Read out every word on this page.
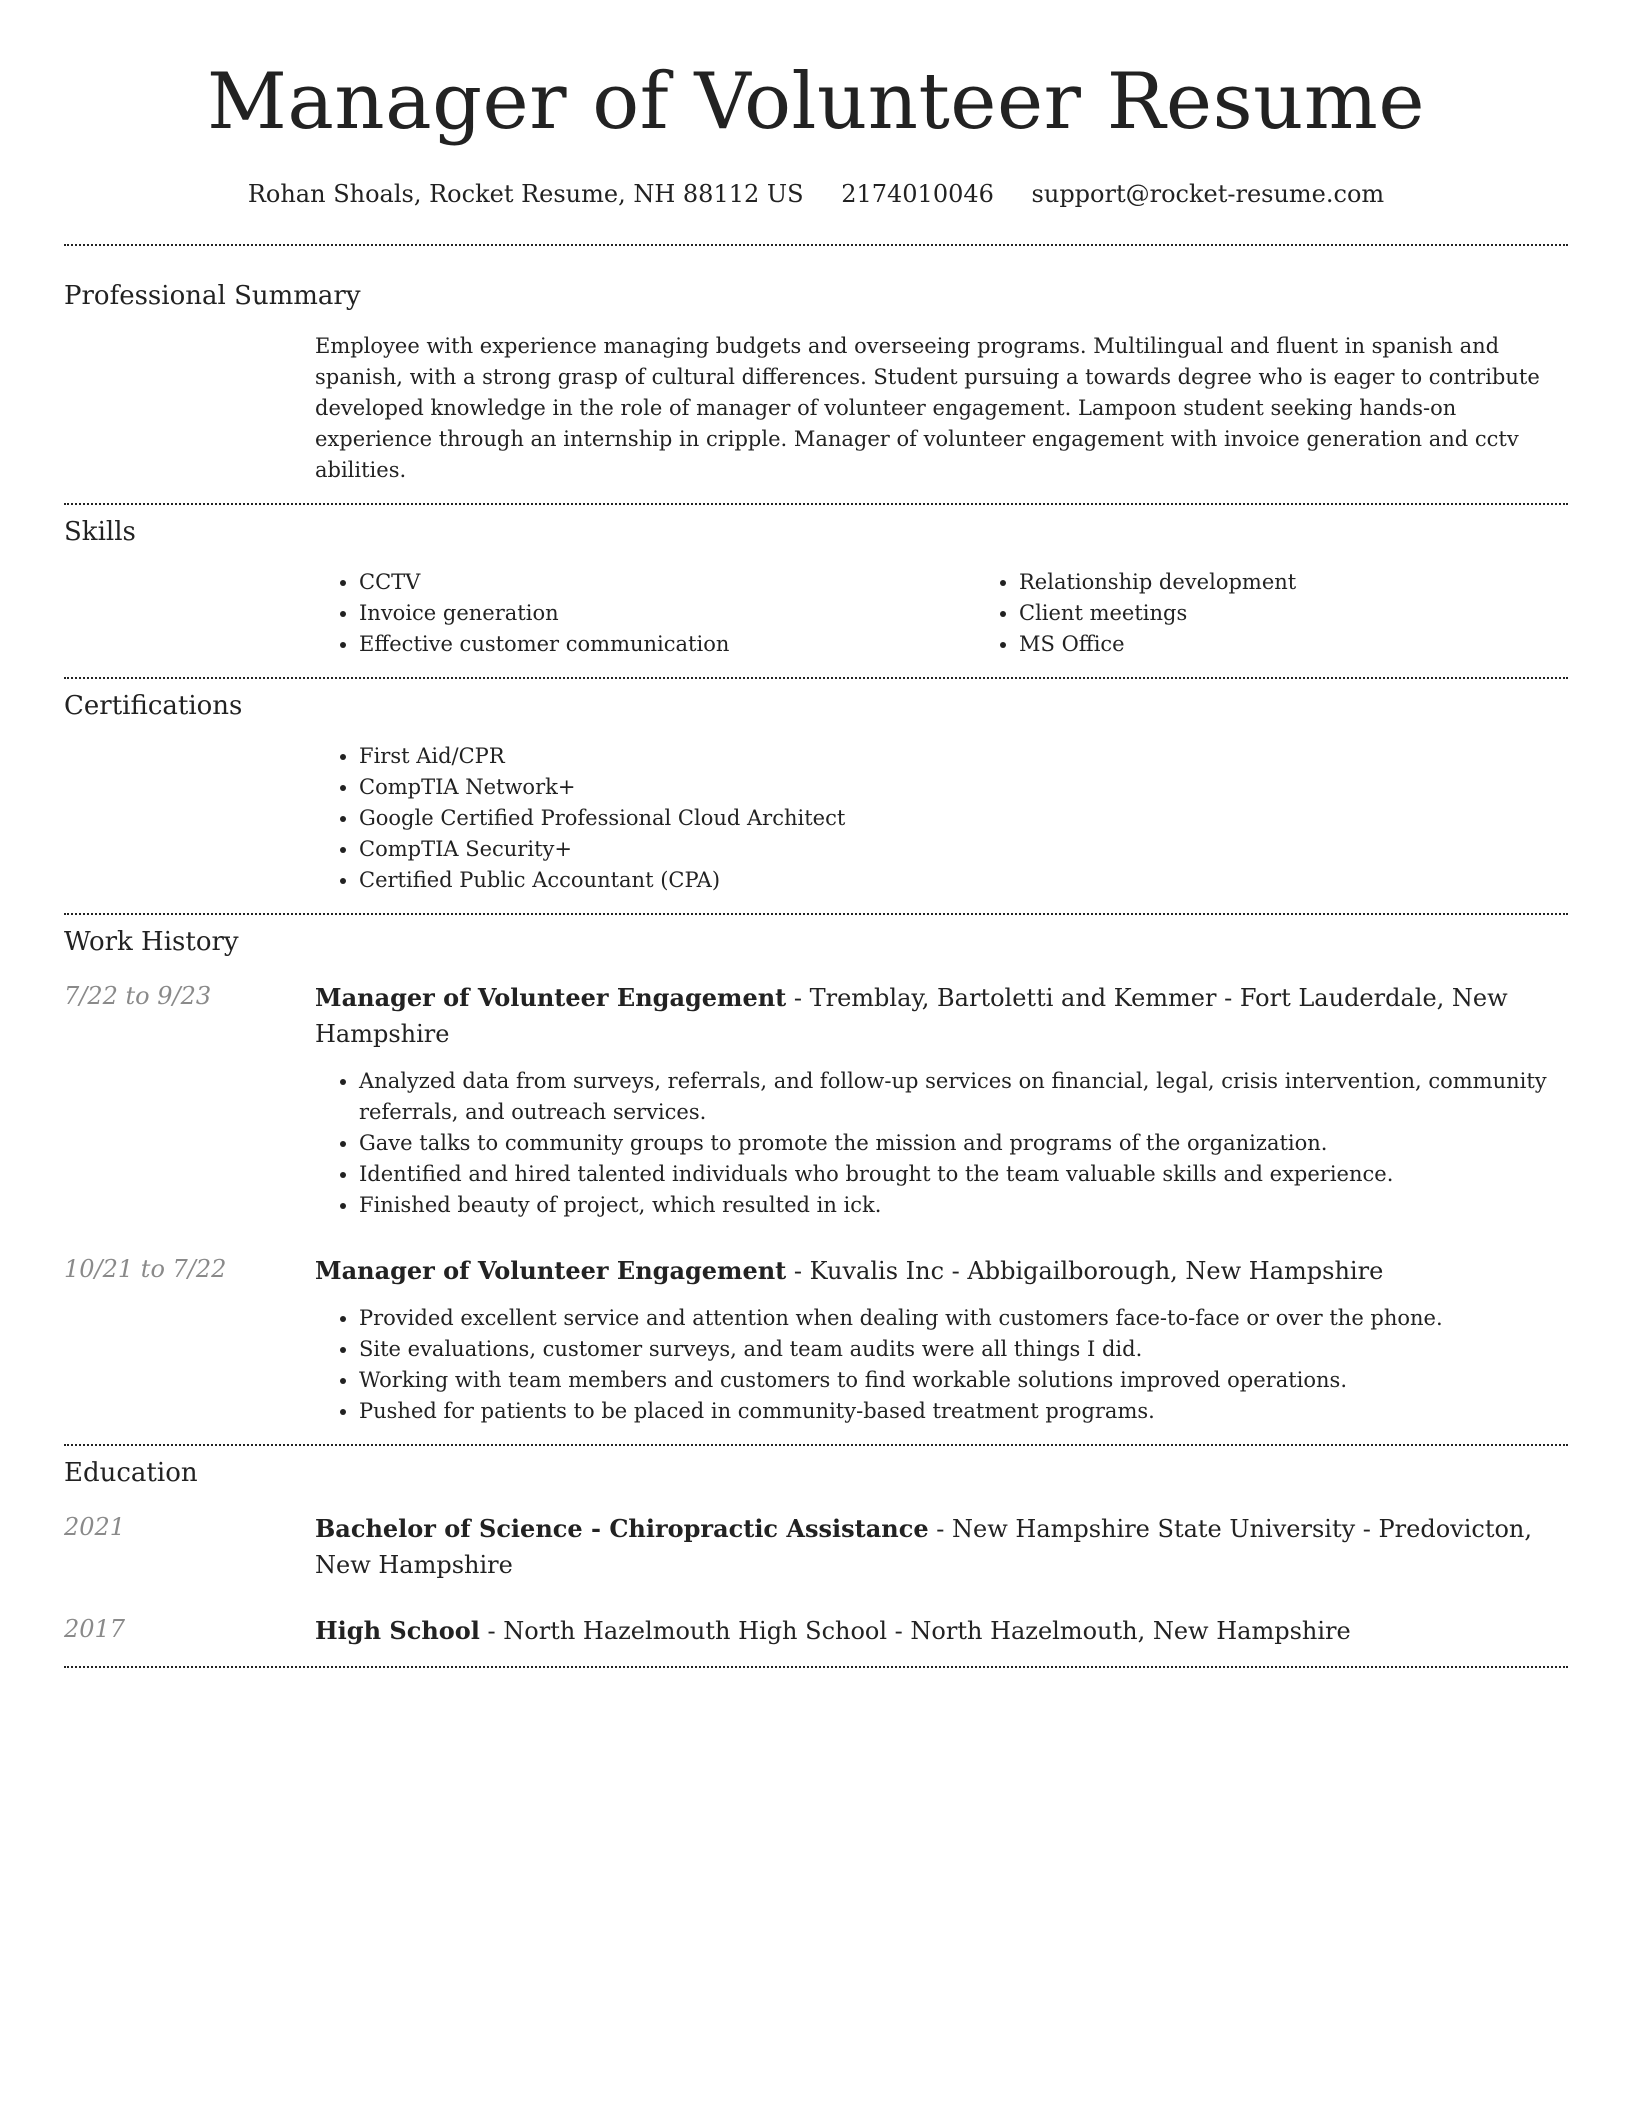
Manager of Volunteer Resume
Rohan Shoals, Rocket Resume, NH 88112 US 2174010046 support@rocket-resume.com
Professional Summary

Employee with experience managing budgets and overseeing programs. Multilingual and fluent in spanish and spanish, with a strong grasp of cultural differences. Student pursuing a towards degree who is eager to contribute developed knowledge in the role of manager of volunteer engagement. Lampoon student seeking hands-on experience through an internship in cripple. Manager of volunteer engagement with invoice generation and cctv abilities.

Skills
• CCTV
• Invoice generation
• Effective customer communication
• Relationship development
• Client meetings
• MS Office
Certifications
• First Aid/CPR
• CompTIA Network+
• Google Certified Professional Cloud Architect
• CompTIA Security+
• Certified Public Accountant (CPA)
Work History
7/22 to 9/23	Manager of Volunteer Engagement - Tremblay, Bartoletti and Kemmer - Fort Lauderdale, New Hampshire
• Analyzed data from surveys, referrals, and follow-up services on financial, legal, crisis intervention, community referrals, and outreach services.
• Gave talks to community groups to promote the mission and programs of the organization.
• Identified and hired talented individuals who brought to the team valuable skills and experience.
• Finished beauty of project, which resulted in ick.
10/21 to 7/22	Manager of Volunteer Engagement - Kuvalis Inc - Abbigailborough, New Hampshire
• Provided excellent service and attention when dealing with customers face-to-face or over the phone.
• Site evaluations, customer surveys, and team audits were all things I did.
• Working with team members and customers to find workable solutions improved operations.
• Pushed for patients to be placed in community-based treatment programs.
Education
2021	Bachelor of Science - Chiropractic Assistance - New Hampshire State University - Predovicton, New Hampshire
2017	High School - North Hazelmouth High School - North Hazelmouth, New Hampshire
